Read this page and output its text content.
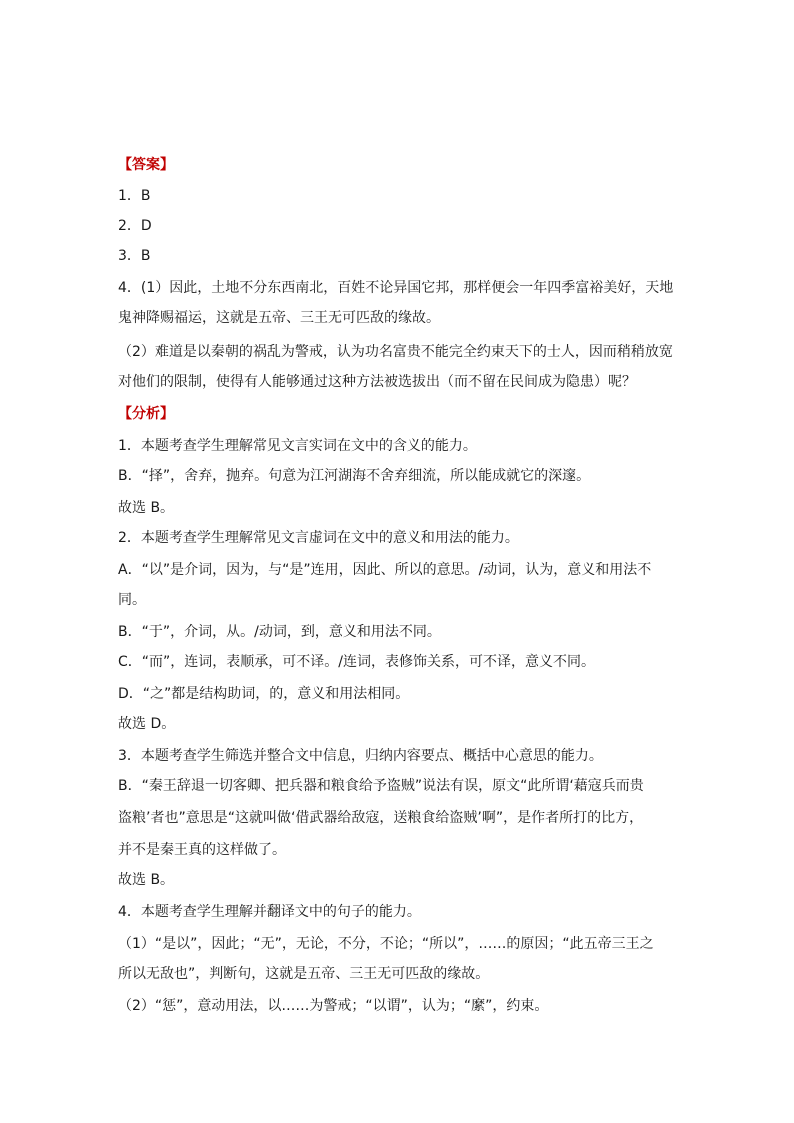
【答案】
1．B
2．D
3．B
4．(1）因此，土地不分东西南北，百姓不论异国它邦，那样便会一年四季富裕美好，天地
鬼神降赐福运，这就是五帝、三王无可匹敌的缘故。
（2）难道是以秦朝的祸乱为警戒，认为功名富贵不能完全约束天下的士人，因而稍稍放宽
对他们的限制，使得有人能够通过这种方法被选拔出（而不留在民间成为隐患）呢？
【分析】
1．本题考查学生理解常见文言实词在文中的含义的能力。
B．“择”，舍弃，抛弃。句意为江河湖海不舍弃细流，所以能成就它的深邃。
故选 B。
2．本题考查学生理解常见文言虚词在文中的意义和用法的能力。
A．“以”是介词，因为，与“是”连用，因此、所以的意思。/动词，认为，意义和用法不
同。
B．“于”，介词，从。/动词，到，意义和用法不同。
C．“而”，连词，表顺承，可不译。/连词，表修饰关系，可不译，意义不同。
D．“之”都是结构助词，的，意义和用法相同。
故选 D。
3．本题考查学生筛选并整合文中信息，归纳内容要点、概括中心意思的能力。
B．“秦王辞退一切客卿、把兵器和粮食给予盗贼”说法有误，原文“此所谓‘藉寇兵而贵
盗粮’者也”意思是“这就叫做‘借武器给敌寇，送粮食给盗贼’啊”，是作者所打的比方，
并不是秦王真的这样做了。
故选 B。
4．本题考查学生理解并翻译文中的句子的能力。
（1）“是以”，因此；“无”，无论，不分，不论；“所以”，……的原因；“此五帝三王之
所以无敌也”，判断句，这就是五帝、三王无可匹敌的缘故。
（2）“惩”，意动用法，以……为警戒；“以谓”，认为；“縻”，约束。
